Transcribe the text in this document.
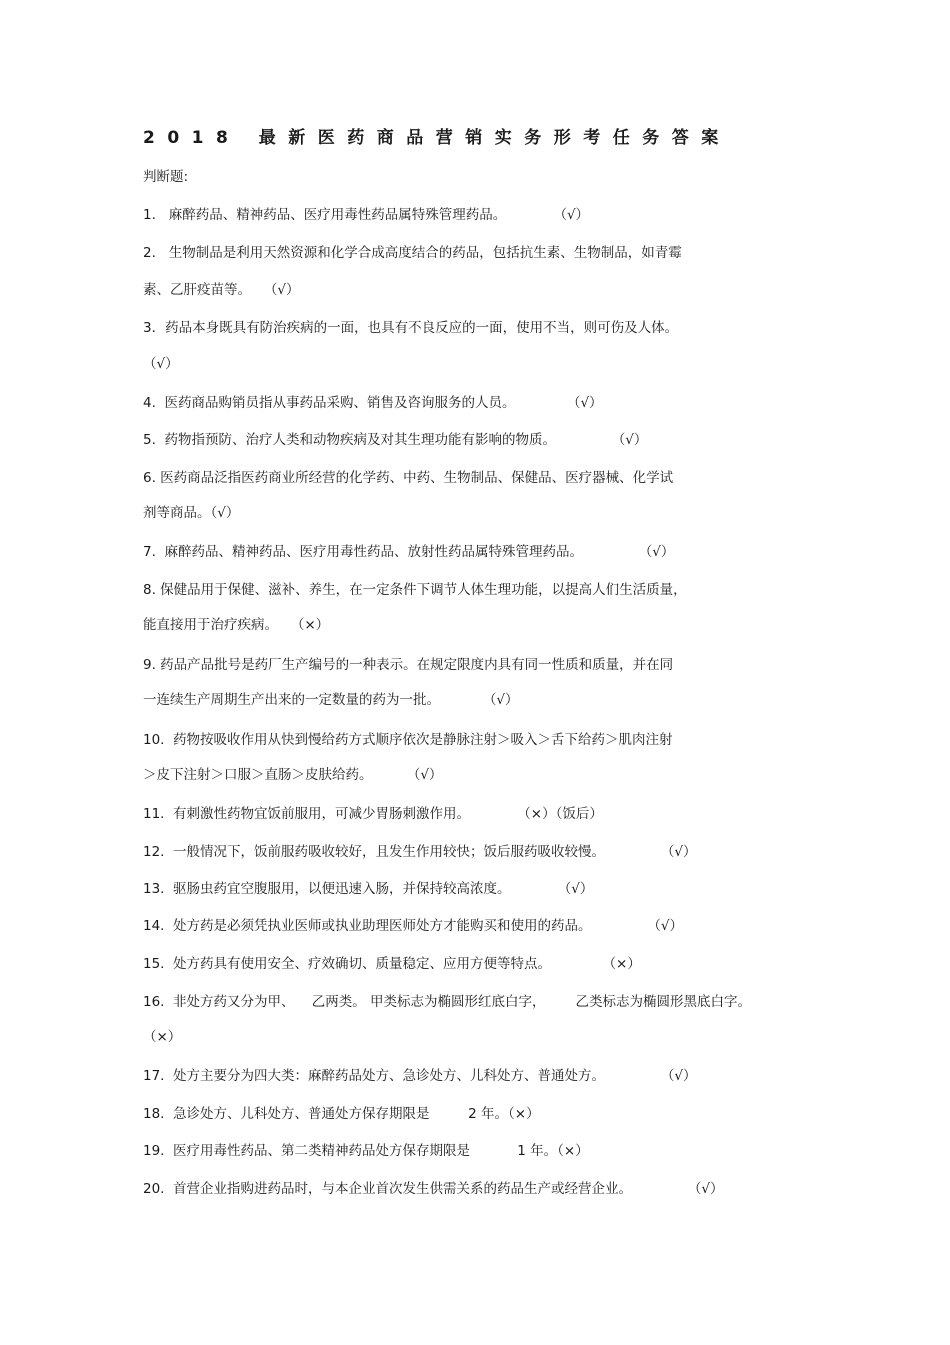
2018 最新医药商品营销实务形考任务答案
判断题:
1.   麻醉药品、精神药品、医疗用毒性药品属特殊管理药品。           （√）
2.   生物制品是利用天然资源和化学合成高度结合的药品，包括抗生素、生物制品，如青霉
素、乙肝疫苗等。   （√）
3．药品本身既具有防治疾病的一面，也具有不良反应的一面，使用不当，则可伤及人体。
（√）
4.  医药商品购销员指从事药品采购、销售及咨询服务的人员。            （√）
5.  药物指预防、治疗人类和动物疾病及对其生理功能有影响的物质。             （√）
6. 医药商品泛指医药商业所经营的化学药、中药、生物制品、保健品、医疗器械、化学试
剂等商品。（√）
7.  麻醉药品、精神药品、医疗用毒性药品、放射性药品属特殊管理药品。             （√）
8. 保健品用于保健、滋补、养生，在一定条件下调节人体生理功能，以提高人们生活质量，
能直接用于治疗疾病。   （×）
9. 药品产品批号是药厂生产编号的一种表示。在规定限度内具有同一性质和质量，并在同
一连续生产周期生产出来的一定数量的药为一批。          （√）
10.  药物按吸收作用从快到慢给药方式顺序依次是静脉注射＞吸入＞舌下给药＞肌肉注射
＞皮下注射＞口服＞直肠＞皮肤给药。        （√）
11.  有刺激性药物宜饭前服用，可减少胃肠刺激作用。           （×）（饭后）
12.  一般情况下，饭前服药吸收较好，且发生作用较快；饭后服药吸收较慢。             （√）
13.  驱肠虫药宜空腹服用，以便迅速入肠，并保持较高浓度。           （√）
14.  处方药是必须凭执业医师或执业助理医师处方才能购买和使用的药品。             （√）
15.  处方药具有使用安全、疗效确切、质量稳定、应用方便等特点。            （×）
16.  非处方药又分为甲、    乙两类。 甲类标志为椭圆形红底白字，       乙类标志为椭圆形黑底白字。
（×）
17.  处方主要分为四大类：麻醉药品处方、急诊处方、儿科处方、普通处方。             （√）
18.  急诊处方、儿科处方、普通处方保存期限是         2 年。（×）
19.  医疗用毒性药品、第二类精神药品处方保存期限是           1 年。（×）
20.  首营企业指购进药品时，与本企业首次发生供需关系的药品生产或经营企业。             （√）
